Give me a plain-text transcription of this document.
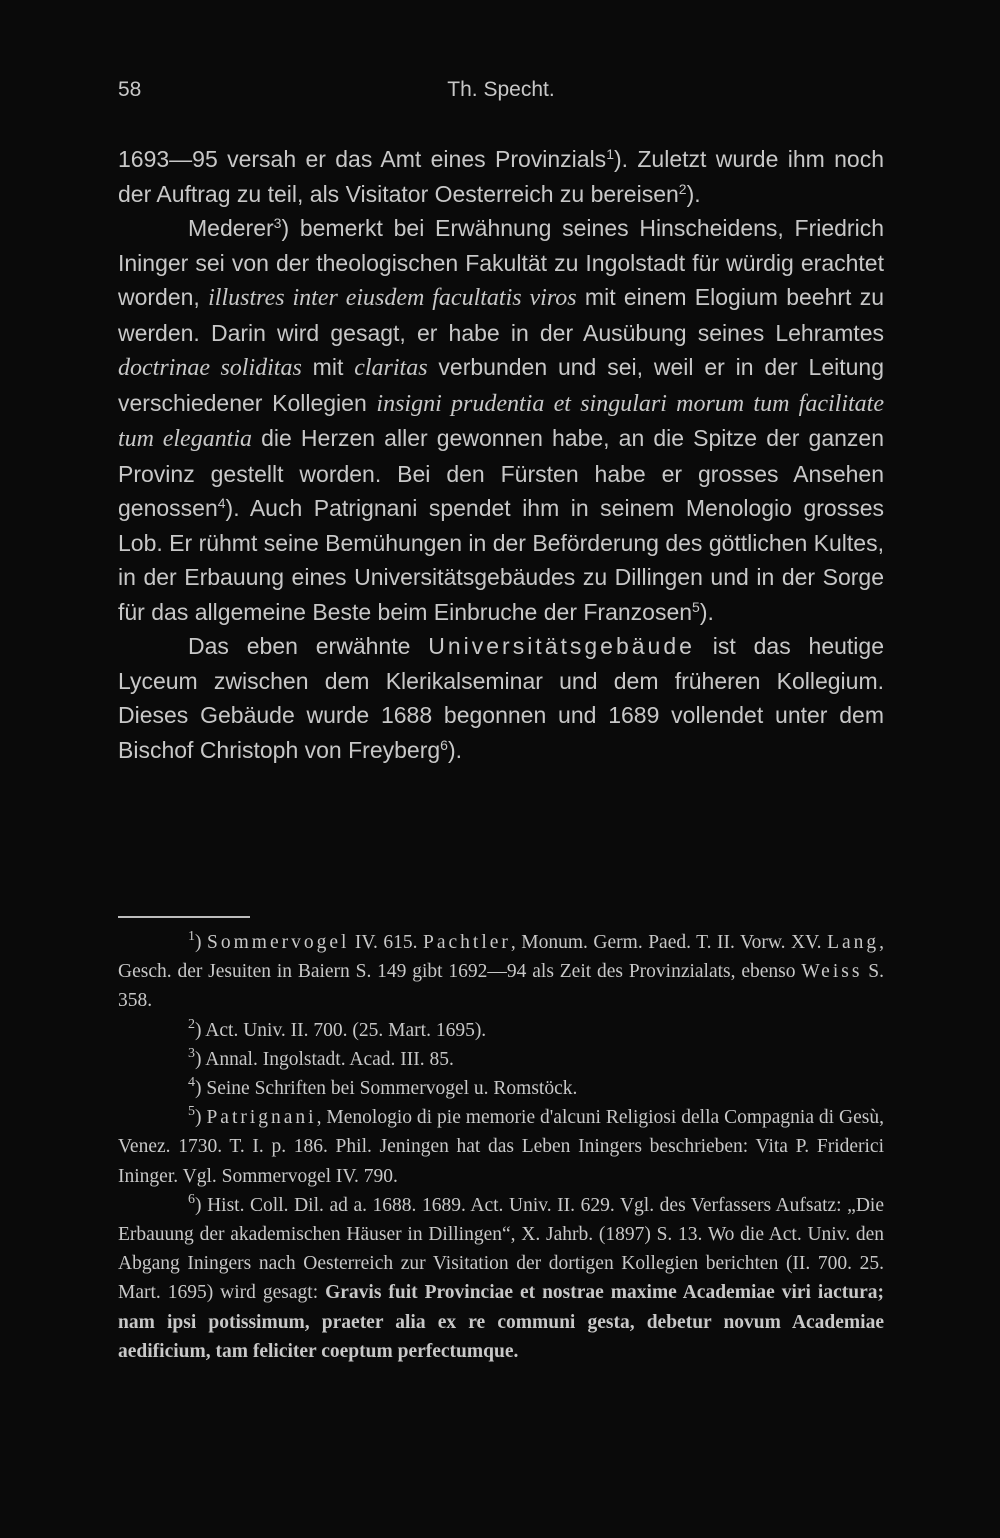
58	Th. Specht.

1693—95 versah er das Amt eines Provinzials$^1$). Zuletzt wurde ihm noch der Auftrag zu teil, als Visitator Oesterreich zu bereisen$^2$).

Mederer$^3$) bemerkt bei Erwähnung seines Hinscheidens, Friedrich Ininger sei von der theologischen Fakultät zu Ingolstadt für würdig erachtet worden, illustres inter eiusdem facultatis viros mit einem Elogium beehrt zu werden. Darin wird gesagt, er habe in der Ausübung seines Lehramtes doctrinae soliditas mit claritas verbunden und sei, weil er in der Leitung verschiedener Kollegien insigni prudentia et singulari morum tum facilitate tum elegantia die Herzen aller gewonnen habe, an die Spitze der ganzen Provinz gestellt worden. Bei den Fürsten habe er grosses Ansehen genossen$^4$). Auch Patrignani spendet ihm in seinem Menologio grosses Lob. Er rühmt seine Bemühungen in der Beförderung des göttlichen Kultes, in der Erbauung eines Universitätsgebäudes zu Dillingen und in der Sorge für das allgemeine Beste beim Einbruche der Franzosen$^5$).

Das eben erwähnte Universitätsgebäude ist das heutige Lyceum zwischen dem Klerikalseminar und dem früheren Kollegium. Dieses Gebäude wurde 1688 begonnen und 1689 vollendet unter dem Bischof Christoph von Freyberg$^6$).

$^1$) Sommervogel IV. 615. Pachtler, Monum. Germ. Paed. T. II. Vorw. XV. Lang, Gesch. der Jesuiten in Baiern S. 149 gibt 1692—94 als Zeit des Provinzialats, ebenso Weiss S. 358.

$^2$) Act. Univ. II. 700. (25. Mart. 1695).

$^3$) Annal. Ingolstadt. Acad. III. 85.

$^4$) Seine Schriften bei Sommervogel u. Romstöck.

$^5$) Patrignani, Menologio di pie memorie d'alcuni Religiosi della Compagnia di Gesù, Venez. 1730. T. I. p. 186. Phil. Jeningen hat das Leben Iningers beschrieben: Vita P. Friderici Ininger. Vgl. Sommervogel IV. 790.

$^6$) Hist. Coll. Dil. ad a. 1688. 1689. Act. Univ. II. 629. Vgl. des Verfassers Aufsatz: „Die Erbauung der akademischen Häuser in Dillingen“, X. Jahrb. (1897) S. 13. Wo die Act. Univ. den Abgang Iningers nach Oesterreich zur Visitation der dortigen Kollegien berichten (II. 700. 25. Mart. 1695) wird gesagt: Gravis fuit Provinciae et nostrae maxime Academiae viri iactura; nam ipsi potissimum, praeter alia ex re communi gesta, debetur novum Academiae aedificium, tam feliciter coeptum perfectumque.
